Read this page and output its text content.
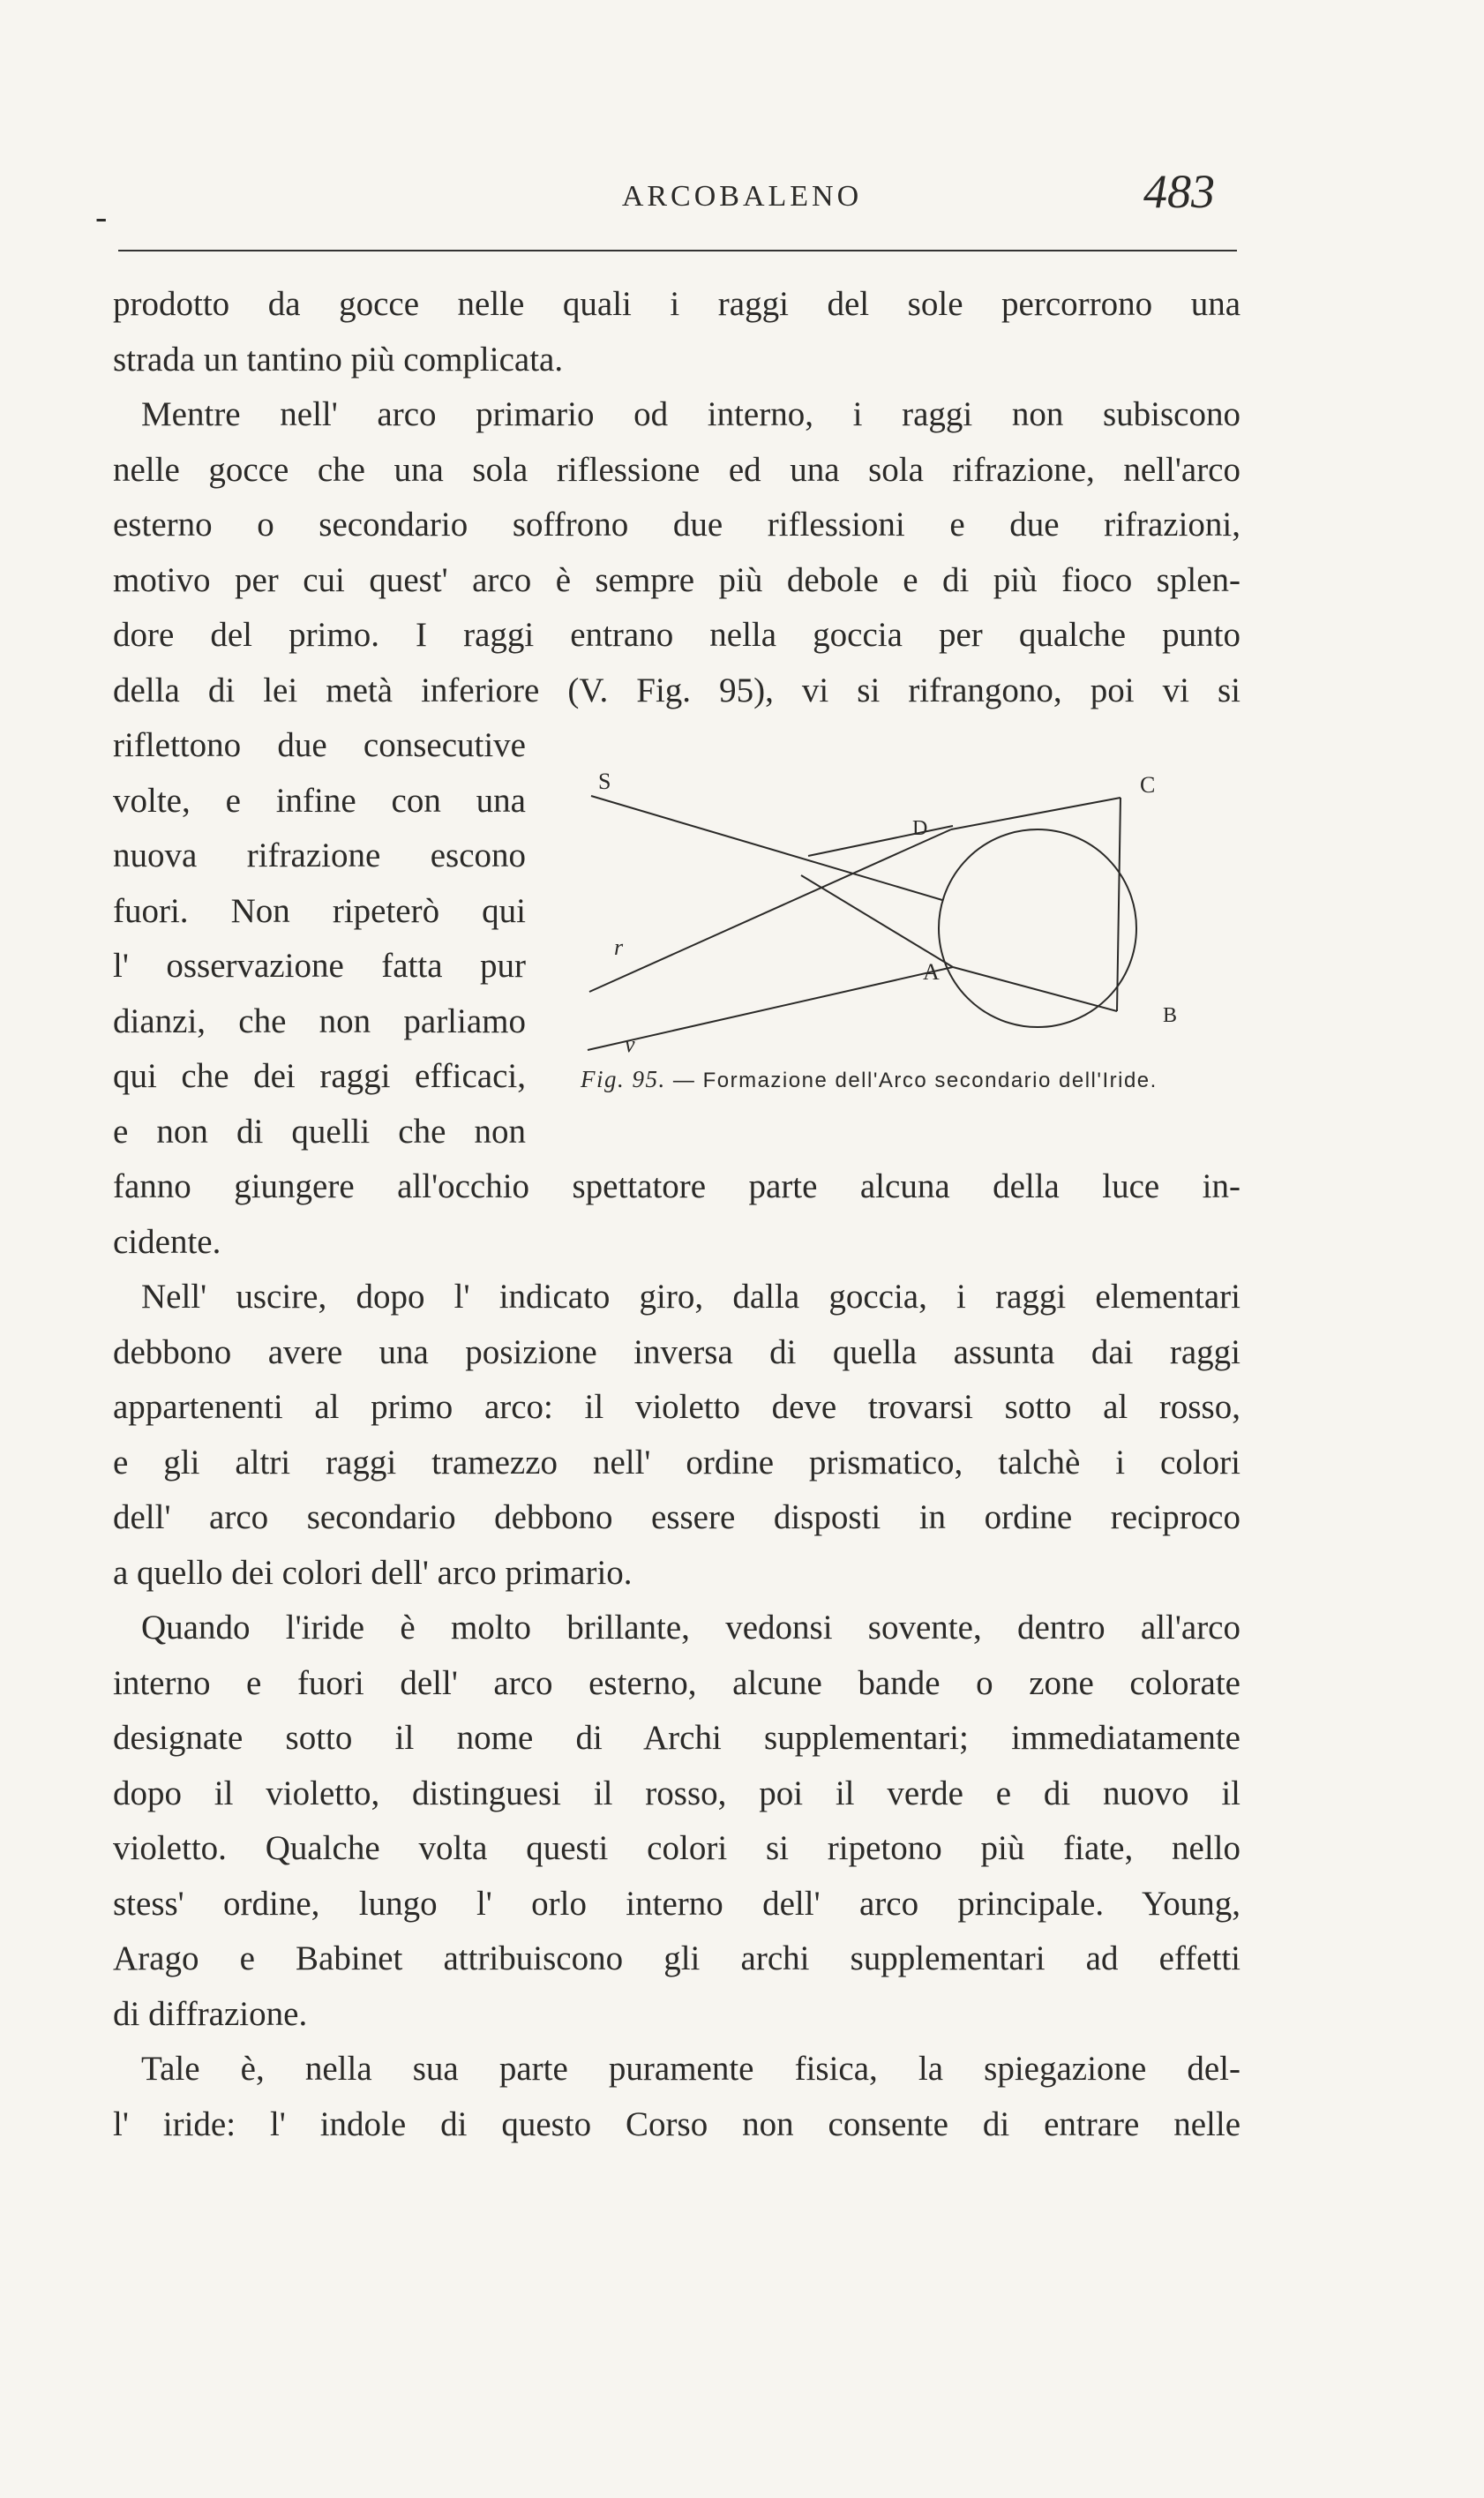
-
ARCOBALENO	483
prodotto da gocce nelle quali i raggi del sole percorrono una
strada un tantino più complicata.
Mentre nell' arco primario od interno, i raggi non subiscono
nelle gocce che una sola riflessione ed una sola rifrazione, nell'arco
esterno o secondario soffrono due riflessioni e due rifrazioni,
motivo per cui quest' arco è sempre più debole e di più fioco splen-
dore del primo. I raggi entrano nella goccia per qualche punto
della di lei metà inferiore (V. Fig. 95), vi si rifrangono, poi vi si
riflettono due consecutive
volte, e infine con una
nuova rifrazione escono
fuori. Non ripeterò qui
l' osservazione fatta pur
dianzi, che non parliamo
qui che dei raggi efficaci,
e non di quelli che non
fanno giungere all'occhio spettatore parte alcuna della luce in-
cidente.
Nell' uscire, dopo l' indicato giro, dalla goccia, i raggi elementari
debbono avere una posizione inversa di quella assunta dai raggi
appartenenti al primo arco: il violetto deve trovarsi sotto al rosso,
e gli altri raggi tramezzo nell' ordine prismatico, talchè i colori
dell' arco secondario debbono essere disposti in ordine reciproco
a quello dei colori dell' arco primario.
Quando l'iride è molto brillante, vedonsi sovente, dentro all'arco
interno e fuori dell' arco esterno, alcune bande o zone colorate
designate sotto il nome di Archi supplementari; immediatamente
dopo il violetto, distinguesi il rosso, poi il verde e di nuovo il
violetto. Qualche volta questi colori si ripetono più fiate, nello
stess' ordine, lungo l' orlo interno dell' arco principale. Young,
Arago e Babinet attribuiscono gli archi supplementari ad effetti
di diffrazione.
Tale è, nella sua parte puramente fisica, la spiegazione del-
l' iride: l' indole di questo Corso non consente di entrare nelle
S
D
C
r
A
B
v
Fig. 95. — Formazione dell'Arco secondario dell'Iride.
